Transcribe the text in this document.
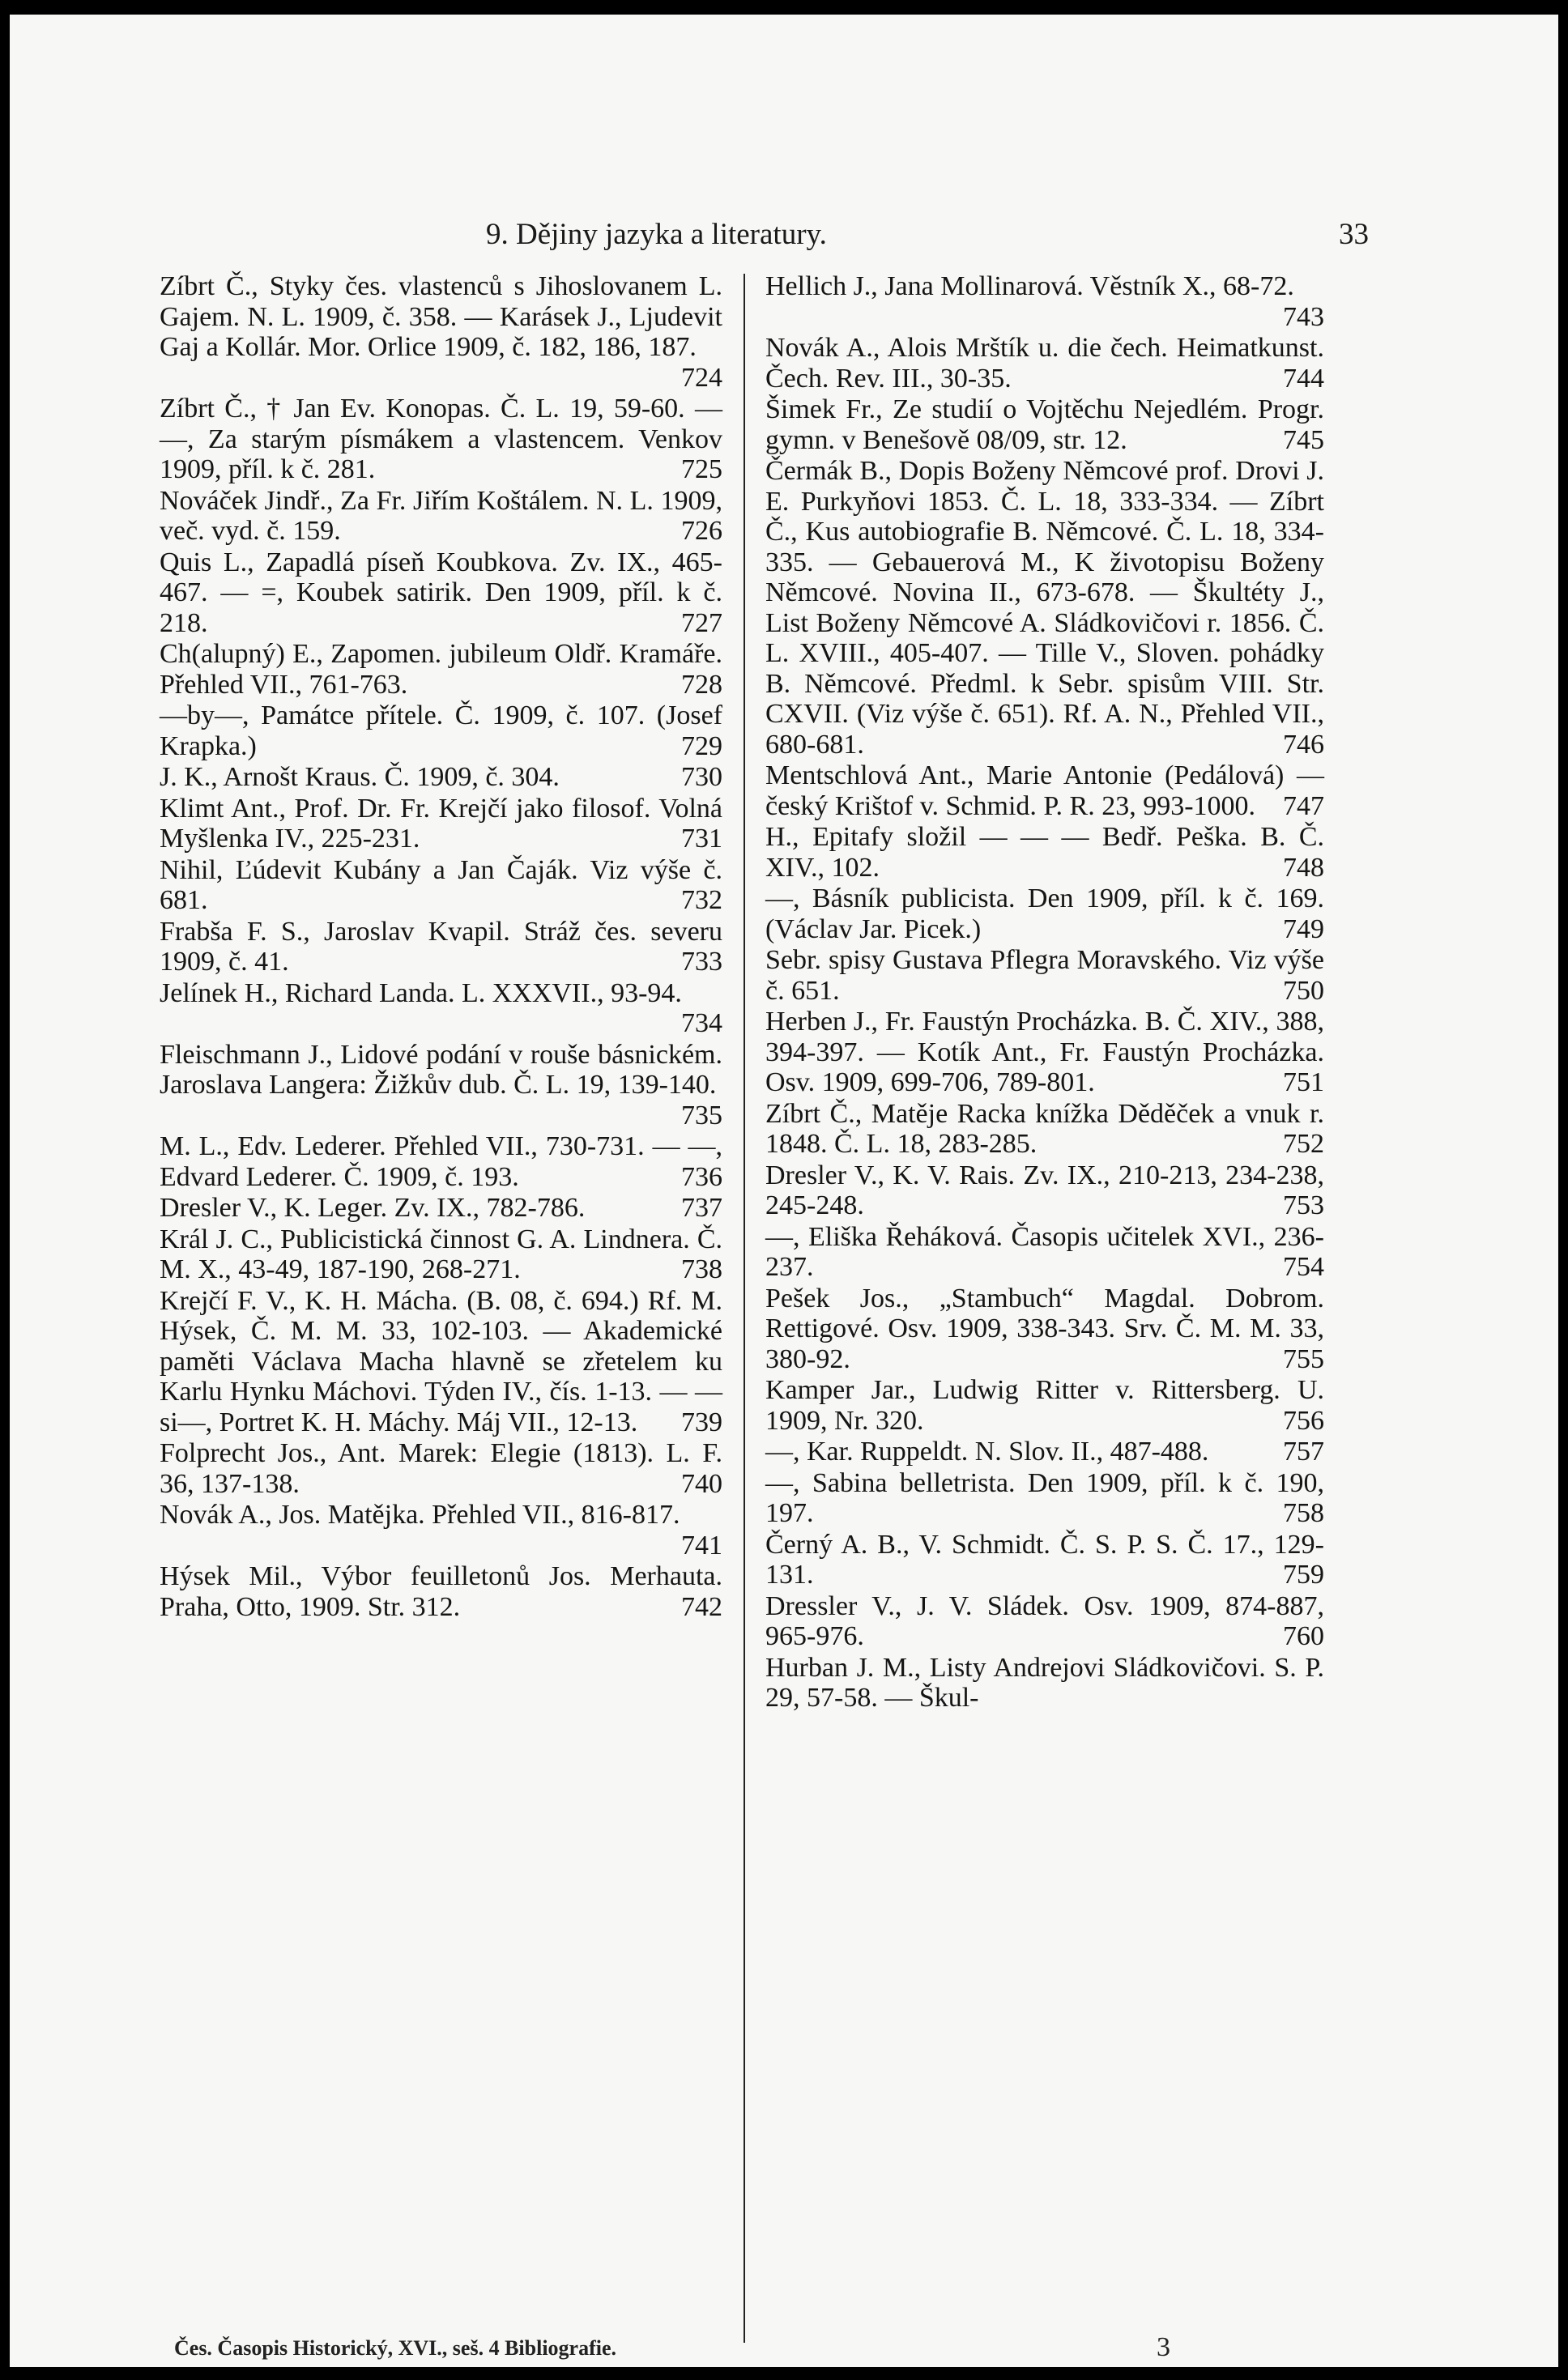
9. Dějiny jazyka a literatury.	33
Zíbrt Č., Styky čes. vlastenců s Jihoslovanem L. Gajem. N. L. 1909, č. 358. — Karásek J., Ljudevit Gaj a Kollár. Mor. Orlice 1909, č. 182, 186, 187.
724
Zíbrt Č., † Jan Ev. Konopas. Č. L. 19, 59-60. — —, Za starým písmákem a vlastencem. Venkov 1909, příl. k č. 281.	725
Nováček Jindř., Za Fr. Jiřím Koštálem. N. L. 1909, več. vyd. č. 159.	726
Quis L., Zapadlá píseň Koubkova. Zv. IX., 465-467. — =, Koubek satirik. Den 1909, příl. k č. 218.	727
Ch(alupný) E., Zapomen. jubileum Oldř. Kramáře. Přehled VII., 761-763.	728
—by—, Památce přítele. Č. 1909, č. 107. (Josef Krapka.)	729
J. K., Arnošt Kraus. Č. 1909, č. 304.	730
Klimt Ant., Prof. Dr. Fr. Krejčí jako filosof. Volná Myšlenka IV., 225-231.	731
Nihil, Ľúdevit Kubány a Jan Čaják. Viz výše č. 681.	732
Frabša F. S., Jaroslav Kvapil. Stráž čes. severu 1909, č. 41.	733
Jelínek H., Richard Landa. L. XXXVII., 93-94.
734
Fleischmann J., Lidové podání v rouše básnickém. Jaroslava Langera: Žižkův dub. Č. L. 19, 139-140.
735
M. L., Edv. Lederer. Přehled VII., 730-731. — —, Edvard Lederer. Č. 1909, č. 193.	736
Dresler V., K. Leger. Zv. IX., 782-786.	737
Král J. C., Publicistická činnost G. A. Lindnera. Č. M. X., 43-49, 187-190, 268-271.	738
Krejčí F. V., K. H. Mácha. (B. 08, č. 694.) Rf. M. Hýsek, Č. M. M. 33, 102-103. — Akademické paměti Václava Macha hlavně se zřetelem ku Karlu Hynku Máchovi. Týden IV., čís. 1-13. — —si—, Portret K. H. Máchy. Máj VII., 12-13. 739
Folprecht Jos., Ant. Marek: Elegie (1813). L. F. 36, 137-138.	740
Novák A., Jos. Matějka. Přehled VII., 816-817.
741
Hýsek Mil., Výbor feuilletonů Jos. Merhauta. Praha, Otto, 1909. Str. 312.	742
Hellich J., Jana Mollinarová. Věstník X., 68-72.
743
Novák A., Alois Mrštík u. die čech. Heimatkunst. Čech. Rev. III., 30-35.	744
Šimek Fr., Ze studií o Vojtěchu Nejedlém. Progr. gymn. v Benešově 08/09, str. 12.	745
Čermák B., Dopis Boženy Němcové prof. Drovi J. E. Purkyňovi 1853. Č. L. 18, 333-334. — Zíbrt Č., Kus autobiografie B. Němcové. Č. L. 18, 334-335. — Gebauerová M., K životopisu Boženy Němcové. Novina II., 673-678. — Škultéty J., List Boženy Němcové A. Sládkovičovi r. 1856. Č. L. XVIII., 405-407. — Tille V., Sloven. pohádky B. Němcové. Předml. k Sebr. spisům VIII. Str. CXVII. (Viz výše č. 651). Rf. A. N., Přehled VII., 680-681.	746
Mentschlová Ant., Marie Antonie (Pedálová) — český Krištof v. Schmid. P. R. 23, 993-1000. 747
H., Epitafy složil — — — Bedř. Peška. B. Č. XIV., 102.	748
—, Básník publicista. Den 1909, příl. k č. 169. (Václav Jar. Picek.)	749
Sebr. spisy Gustava Pflegra Moravského. Viz výše č. 651.	750
Herben J., Fr. Faustýn Procházka. B. Č. XIV., 388, 394-397. — Kotík Ant., Fr. Faustýn Procházka. Osv. 1909, 699-706, 789-801.	751
Zíbrt Č., Matěje Racka knížka Děděček a vnuk r. 1848. Č. L. 18, 283-285.	752
Dresler V., K. V. Rais. Zv. IX., 210-213, 234-238, 245-248.	753
—, Eliška Řeháková. Časopis učitelek XVI., 236-237.	754
Pešek Jos., „Stambuch“ Magdal. Dobrom. Rettigové. Osv. 1909, 338-343. Srv. Č. M. M. 33, 380-92.	755
Kamper Jar., Ludwig Ritter v. Rittersberg. U. 1909, Nr. 320.	756
—, Kar. Ruppeldt. N. Slov. II., 487-488.	757
—, Sabina belletrista. Den 1909, příl. k č. 190, 197.	758
Černý A. B., V. Schmidt. Č. S. P. S. Č. 17., 129-131.	759
Dressler V., J. V. Sládek. Osv. 1909, 874-887, 965-976.	760
Hurban J. M., Listy Andrejovi Sládkovičovi. S. P. 29, 57-58. — Škul-
Čes. Časopis Historický, XVI., seš. 4 Bibliografie.	3
